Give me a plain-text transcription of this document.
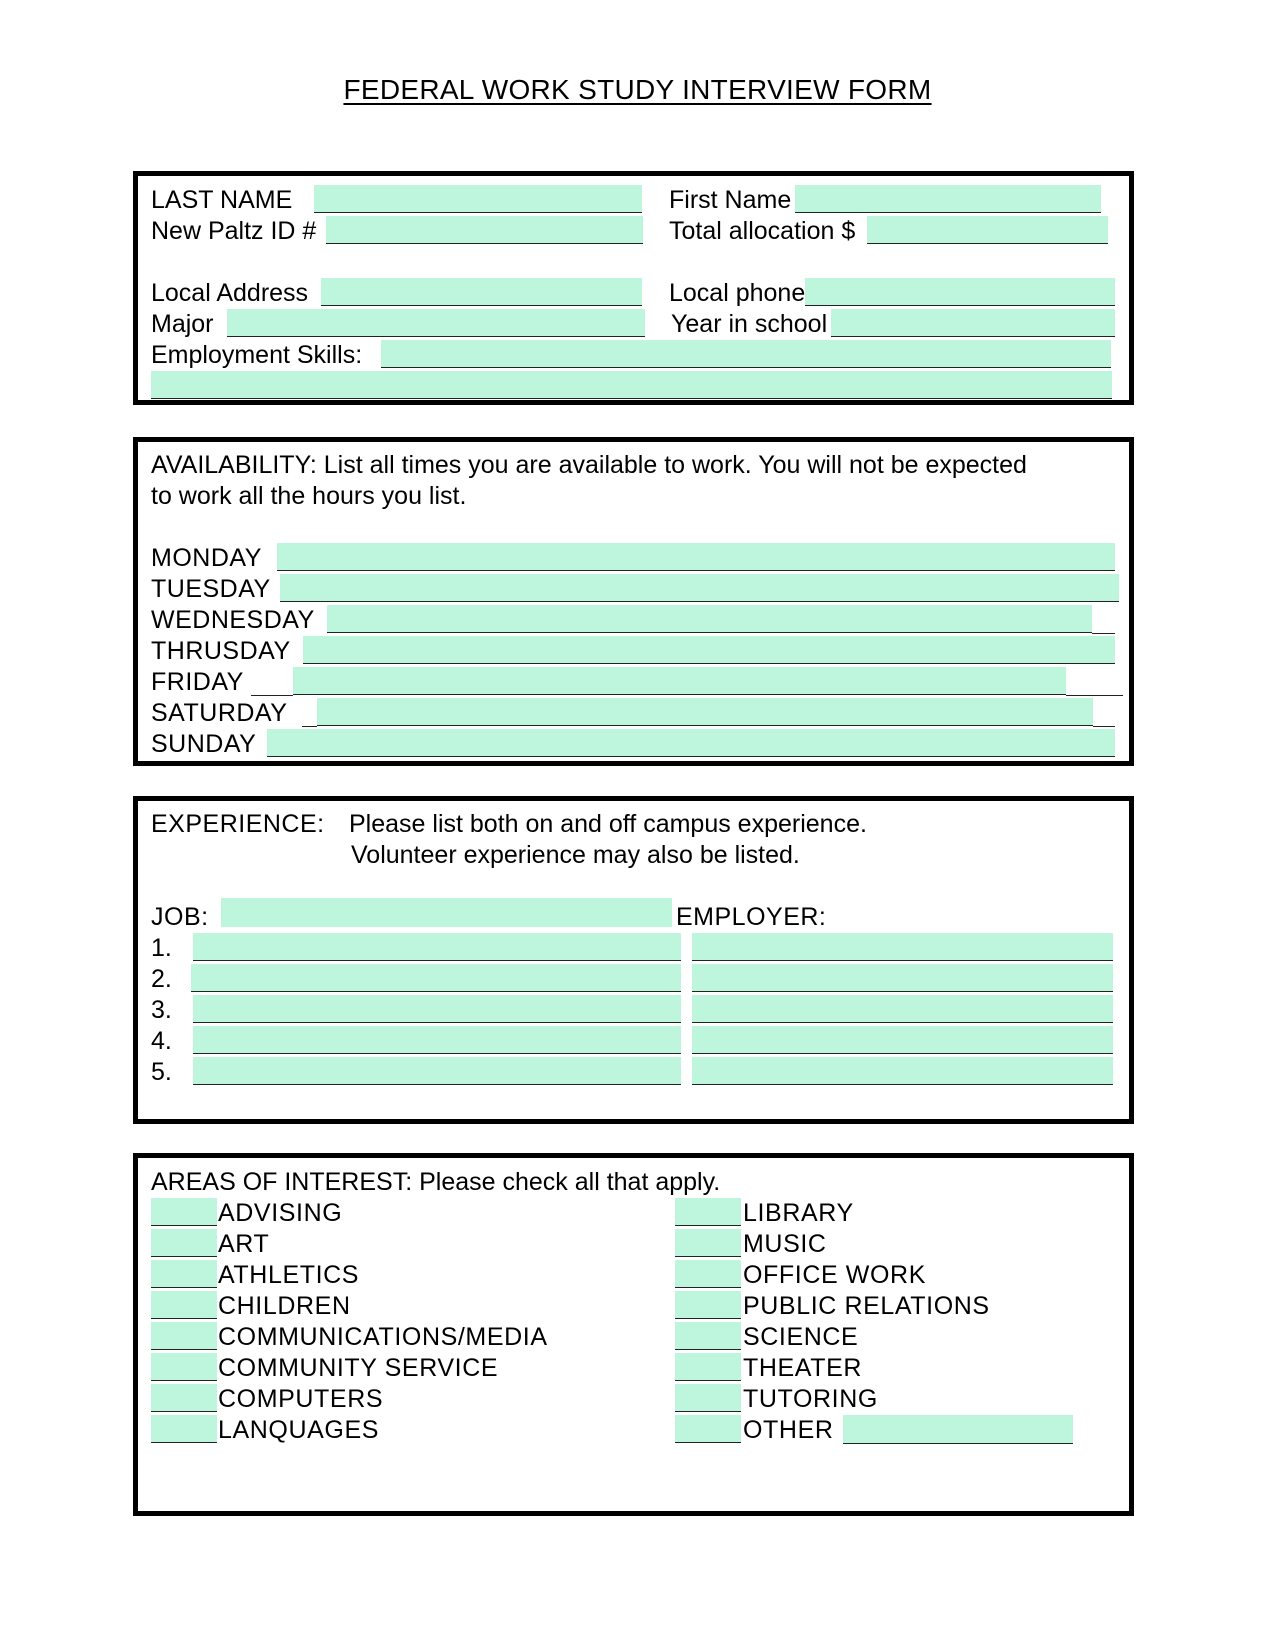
FEDERAL WORK STUDY INTERVIEW FORM
LAST NAME	First Name
New Paltz ID #	Total allocation $
Local Address	Local phone
Major	Year in school
Employment Skills:
AVAILABILITY: List all times you are available to work. You will not be expected
to work all the hours you list.
MONDAY
TUESDAY
WEDNESDAY
THRUSDAY
FRIDAY
SATURDAY
SUNDAY
EXPERIENCE: Please list both on and off campus experience.
Volunteer experience may also be listed.
JOB:	EMPLOYER:
1.
2.
3.
4.
5.
AREAS OF INTEREST: Please check all that apply.
ADVISING	LIBRARY
ART	MUSIC
ATHLETICS	OFFICE WORK
CHILDREN	PUBLIC RELATIONS
COMMUNICATIONS/MEDIA	SCIENCE
COMMUNITY SERVICE	THEATER
COMPUTERS	TUTORING
LANQUAGES	OTHER
